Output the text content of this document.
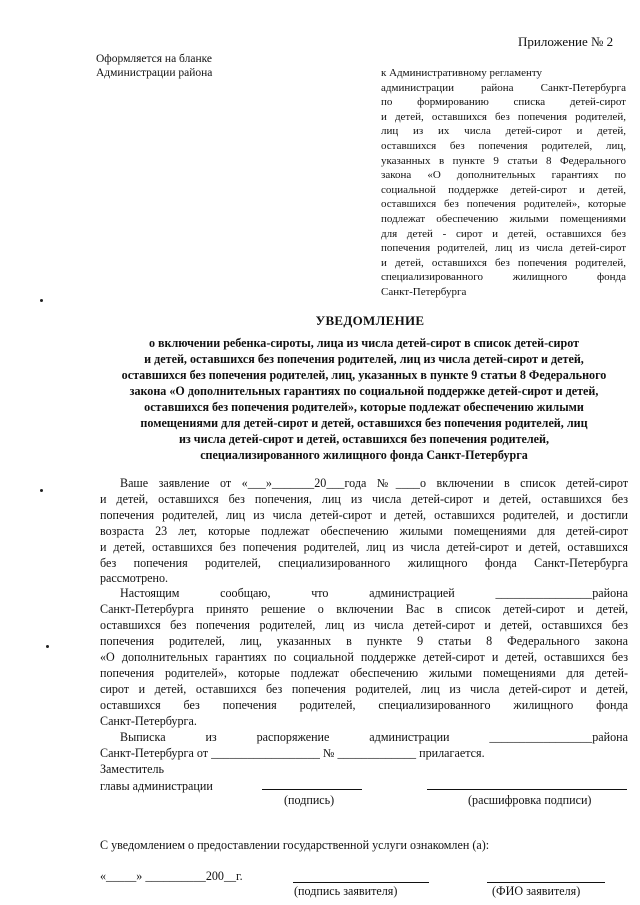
Приложение № 2
Оформляется на бланке
Администрации района	к Административному регламенту
администрации района Санкт-Петербурга
по формированию списка детей-сирот
и детей, оставшихся без попечения родителей,
лиц из их числа детей-сирот и детей,
оставшихся без попечения родителей, лиц,
указанных в пункте 9 статьи 8 Федерального
закона «О дополнительных гарантиях по
социальной поддержке детей-сирот и детей,
оставшихся без попечения родителей», которые
подлежат обеспечению жилыми помещениями
для детей - сирот и детей, оставшихся без
попечения родителей, лиц из числа детей-сирот
и детей, оставшихся без попечения родителей,
специализированного жилищного фонда
Санкт-Петербурга
УВЕДОМЛЕНИЕ
о включении ребенка-сироты, лица из числа детей-сирот в список детей-сирот
и детей, оставшихся без попечения родителей, лиц из числа детей-сирот и детей,
оставшихся без попечения родителей, лиц, указанных в пункте 9 статьи 8 Федерального
закона «О дополнительных гарантиях по социальной поддержке детей-сирот и детей,
оставшихся без попечения родителей», которые подлежат обеспечению жилыми
помещениями для детей-сирот и детей, оставшихся без попечения родителей, лиц
из числа детей-сирот и детей, оставшихся без попечения родителей,
специализированного жилищного фонда Санкт-Петербурга
Ваше заявление от «___»_______20___года №____о включении в список детей-сирот
и детей, оставшихся без попечения, лиц из числа детей-сирот и детей, оставшихся без
попечения родителей, лиц из числа детей-сирот и детей, оставшихся родителей, и достигли
возраста 23 лет, которые подлежат обеспечению жилыми помещениями для детей-сирот
и детей, оставшихся без попечения родителей, лиц из числа детей-сирот и детей, оставшихся
без попечения родителей, специализированного жилищного фонда Санкт-Петербурга
рассмотрено.
Настоящим сообщаю, что администрацией ________________района
Санкт-Петербурга принято решение о включении Вас в список детей-сирот и детей,
оставшихся без попечения родителей, лиц из числа детей-сирот и детей, оставшихся без
попечения родителей, лиц, указанных в пункте 9 статьи 8 Федерального закона
«О дополнительных гарантиях по социальной поддержке детей-сирот и детей, оставшихся без
попечения родителей», которые подлежат обеспечению жилыми помещениями для детей-
сирот и детей, оставшихся без попечения родителей, лиц из числа детей-сирот и детей,
оставшихся без попечения родителей, специализированного жилищного фонда
Санкт-Петербурга.
Выписка из распоряжение администрации _________________района
Санкт-Петербурга от __________________ № _____________ прилагается.
Заместитель
главы администрации
(подпись)	(расшифровка подписи)
С уведомлением о предоставлении государственной услуги ознакомлен (а):
«_____» __________200__г.
(подпись заявителя)	(ФИО заявителя)
